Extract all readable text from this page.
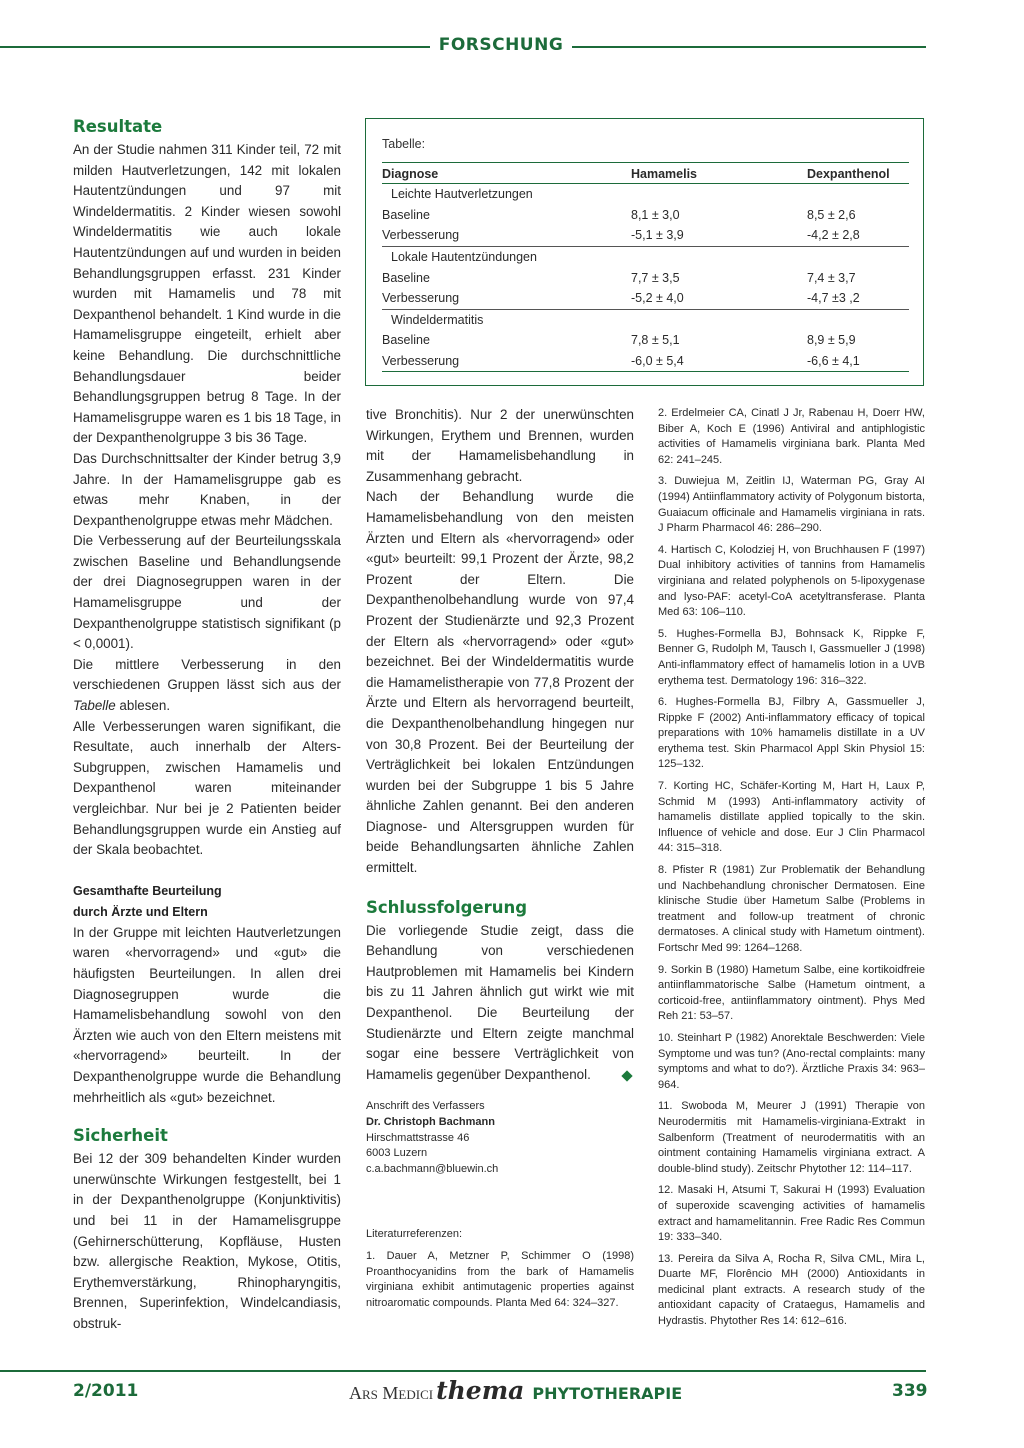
FORSCHUNG
Resultate

An der Studie nahmen 311 Kinder teil, 72 mit milden Hautverletzungen, 142 mit lokalen Hautentzündungen und 97 mit Windeldermatitis. 2 Kinder wiesen sowohl Windeldermatitis wie auch lokale Hautentzündungen auf und wurden in beiden Behandlungsgruppen erfasst. 231 Kinder wurden mit Hamamelis und 78 mit Dexpanthenol behandelt. 1 Kind wurde in die Hamamelisgruppe eingeteilt, erhielt aber keine Behandlung. Die durchschnittliche Behandlungsdauer beider Behandlungsgruppen betrug 8 Tage. In der Hamamelisgruppe waren es 1 bis 18 Tage, in der Dexpanthenolgruppe 3 bis 36 Tage.

Das Durchschnittsalter der Kinder betrug 3,9 Jahre. In der Hamamelisgruppe gab es etwas mehr Knaben, in der Dexpanthenolgruppe etwas mehr Mädchen.

Die Verbesserung auf der Beurteilungsskala zwischen Baseline und Behandlungsende der drei Diagnosegruppen waren in der Hamamelisgruppe und der Dexpanthenolgruppe statistisch signifikant (p < 0,0001).

Die mittlere Verbesserung in den verschiedenen Gruppen lässt sich aus der Tabelle ablesen.

Alle Verbesserungen waren signifikant, die Resultate, auch innerhalb der Alters-Subgruppen, zwischen Hamamelis und Dexpanthenol waren miteinander vergleichbar. Nur bei je 2 Patienten beider Behandlungsgruppen wurde ein Anstieg auf der Skala beobachtet.

Gesamthafte Beurteilung
durch Ärzte und Eltern

In der Gruppe mit leichten Hautverletzungen waren «hervorragend» und «gut» die häufigsten Beurteilungen. In allen drei Diagnosegruppen wurde die Hamamelisbehandlung sowohl von den Ärzten wie auch von den Eltern meistens mit «hervorragend» beurteilt. In der Dexpanthenolgruppe wurde die Behandlung mehrheitlich als «gut» bezeichnet.

Sicherheit

Bei 12 der 309 behandelten Kinder wurden unerwünschte Wirkungen festgestellt, bei 1 in der Dexpanthenolgruppe (Konjunktivitis) und bei 11 in der Hamamelisgruppe (Gehirnerschütterung, Kopfläuse, Husten bzw. allergische Reaktion, Mykose, Otitis, Erythemverstärkung, Rhinopharyngitis, Brennen, Superinfektion, Windelcandiasis, obstruk-

Tabelle:
Diagnose	Hamamelis	Dexpanthenol
Leichte Hautverletzungen		
Baseline	8,1 ± 3,0	8,5 ± 2,6
Verbesserung	-5,1 ± 3,9	-4,2 ± 2,8
Lokale Hautentzündungen		
Baseline	7,7 ± 3,5	7,4 ± 3,7
Verbesserung	-5,2 ± 4,0	-4,7 ±3 ,2
Windeldermatitis		
Baseline	7,8 ± 5,1	8,9 ± 5,9
Verbesserung	-6,0 ± 5,4	-6,6 ± 4,1

tive Bronchitis). Nur 2 der unerwünschten Wirkungen, Erythem und Brennen, wurden mit der Hamamelisbehandlung in Zusammenhang gebracht.

Nach der Behandlung wurde die Hamamelisbehandlung von den meisten Ärzten und Eltern als «hervorragend» oder «gut» beurteilt: 99,1 Prozent der Ärzte, 98,2 Prozent der Eltern. Die Dexpanthenolbehandlung wurde von 97,4 Prozent der Studienärzte und 92,3 Prozent der Eltern als «hervorragend» oder «gut» bezeichnet. Bei der Windeldermatitis wurde die Hamamelistherapie von 77,8 Prozent der Ärzte und Eltern als hervorragend beurteilt, die Dexpanthenolbehandlung hingegen nur von 30,8 Prozent. Bei der Beurteilung der Verträglichkeit bei lokalen Entzündungen wurden bei der Subgruppe 1 bis 5 Jahre ähnliche Zahlen genannt. Bei den anderen Diagnose- und Altersgruppen wurden für beide Behandlungsarten ähnliche Zahlen ermittelt.

Schlussfolgerung

Die vorliegende Studie zeigt, dass die Behandlung von verschiedenen Hautproblemen mit Hamamelis bei Kindern bis zu 11 Jahren ähnlich gut wirkt wie mit Dexpanthenol. Die Beurteilung der Studienärzte und Eltern zeigte manchmal sogar eine bessere Verträglichkeit von Hamamelis gegenüber Dexpanthenol.

Anschrift des Verfassers
Dr. Christoph Bachmann
Hirschmattstrasse 46
6003 Luzern
c.a.bachmann@bluewin.ch
Literaturreferenzen:
1. Dauer A, Metzner P, Schimmer O (1998) Proanthocyanidins from the bark of Hamamelis virginiana exhibit antimutagenic properties against nitroaromatic compounds. Planta Med 64: 324–327.
2. Erdelmeier CA, Cinatl J Jr, Rabenau H, Doerr HW, Biber A, Koch E (1996) Antiviral and antiphlogistic activities of Hamamelis virginiana bark. Planta Med 62: 241–245.
3. Duwiejua M, Zeitlin IJ, Waterman PG, Gray AI (1994) Antiinflammatory activity of Polygonum bistorta, Guaiacum officinale and Hamamelis virginiana in rats. J Pharm Pharmacol 46: 286–290.
4. Hartisch C, Kolodziej H, von Bruchhausen F (1997) Dual inhibitory activities of tannins from Hamamelis virginiana and related polyphenols on 5-lipoxygenase and lyso-PAF: acetyl-CoA acetyltransferase. Planta Med 63: 106–110.
5. Hughes-Formella BJ, Bohnsack K, Rippke F, Benner G, Rudolph M, Tausch I, Gassmueller J (1998) Anti-inflammatory effect of hamamelis lotion in a UVB erythema test. Dermatology 196: 316–322.
6. Hughes-Formella BJ, Filbry A, Gassmueller J, Rippke F (2002) Anti-inflammatory efficacy of topical preparations with 10% hamamelis distillate in a UV erythema test. Skin Pharmacol Appl Skin Physiol 15: 125–132.
7. Korting HC, Schäfer-Korting M, Hart H, Laux P, Schmid M (1993) Anti-inflammatory activity of hamamelis distillate applied topically to the skin. Influence of vehicle and dose. Eur J Clin Pharmacol 44: 315–318.
8. Pfister R (1981) Zur Problematik der Behandlung und Nachbehandlung chronischer Dermatosen. Eine klinische Studie über Hametum Salbe (Problems in treatment and follow-up treatment of chronic dermatoses. A clinical study with Hametum ointment). Fortschr Med 99: 1264–1268.
9. Sorkin B (1980) Hametum Salbe, eine kortikoidfreie antiinflammatorische Salbe (Hametum ointment, a corticoid-free, antiinflammatory ointment). Phys Med Reh 21: 53–57.
10. Steinhart P (1982) Anorektale Beschwerden: Viele Symptome und was tun? (Ano-rectal complaints: many symptoms and what to do?). Ärztliche Praxis 34: 963–964.
11. Swoboda M, Meurer J (1991) Therapie von Neurodermitis mit Hamamelis-virginiana-Extrakt in Salbenform (Treatment of neurodermatitis with an ointment containing Hamamelis virginiana extract. A double-blind study). Zeitschr Phytother 12: 114–117.
12. Masaki H, Atsumi T, Sakurai H (1993) Evaluation of superoxide scavenging activities of hamamelis extract and hamamelitannin. Free Radic Res Commun 19: 333–340.
13. Pereira da Silva A, Rocha R, Silva CML, Mira L, Duarte MF, Florêncio MH (2000) Antioxidants in medicinal plant extracts. A research study of the antioxidant capacity of Crataegus, Hamamelis and Hydrastis. Phytother Res 14: 612–616.
2/2011	Ars Medici thema PHYTOTHERAPIE	339
